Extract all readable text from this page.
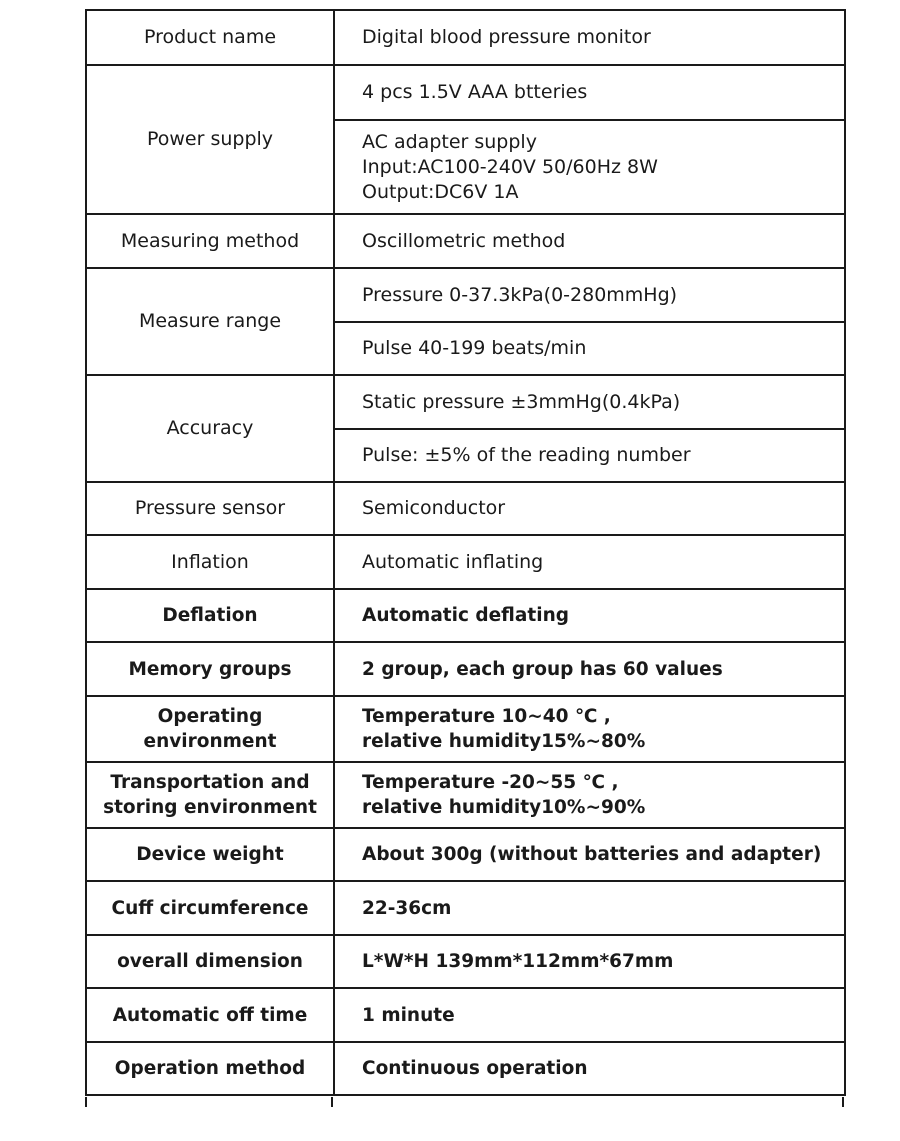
Product name	Digital blood pressure monitor
Power supply	4 pcs 1.5V AAA btteries

	AC adapter supply
Input:AC100-240V 50/60Hz 8W
Output:DC6V 1A

Measuring method	Oscillometric method
Measure range	Pressure 0-37.3kPa(0-280mmHg)
	Pulse 40-199 beats/min
Accuracy	Static pressure ±3mmHg(0.4kPa)
	Pulse: ±5% of the reading number
Pressure sensor	Semiconductor
Inflation	Automatic inflating
Deflation	Automatic deflating
Memory groups	2 group, each group has 60 values

Operating
environment	Temperature 10~40 ℃ ,
relative humidity15%~80%

Transportation and
storing environment	Temperature -20~55 ℃ ,
relative humidity10%~90%

Device weight	About 300g (without batteries and adapter)
Cuff circumference	22-36cm
overall dimension	L*W*H 139mm*112mm*67mm
Automatic off time	1 minute
Operation method	Continuous operation
